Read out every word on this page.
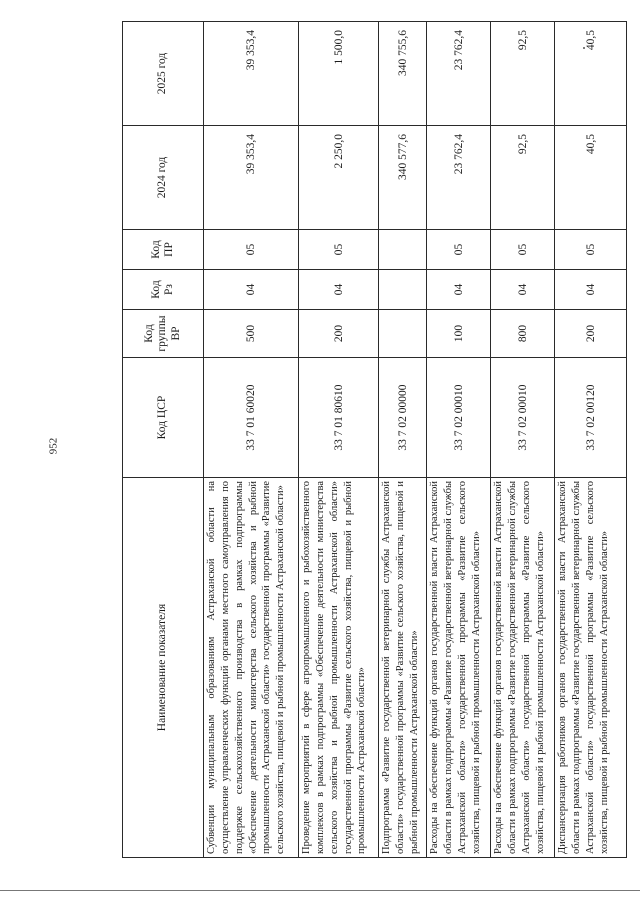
952
Наименование показателя	Код ЦСР	Код группы ВР	Код Рз	Код ПР	2024 год	2025 год
Субвенции муниципальным образованиям Астраханской области на осуществление управленческих функций органами местного самоуправления по поддержке сельскохозяйственного производства в рамках подпрограммы «Обеспечение деятельности министерства сельского хозяйства и рыбной промышленности Астраханской области» государственной программы «Развитие сельского хозяйства, пищевой и рыбной промышленности Астраханской области»	33 7 01 60020	500	04	05	39 353,4	39 353,4
Проведение мероприятий в сфере агропромышленного и рыбохозяйственного комплексов в рамках подпрограммы «Обеспечение деятельности министерства сельского хозяйства и рыбной промышленности Астраханской области» государственной программы «Развитие сельского хозяйства, пищевой и рыбной промышленности Астраханской области»	33 7 01 80610	200	04	05	2 250,0	1 500,0
Подпрограмма «Развитие государственной ветеринарной службы Астраханской области» государственной программы «Развитие сельского хозяйства, пищевой и рыбной промышленности Астраханской области»	33 7 02 00000				340 577,6	340 755,6
Расходы на обеспечение функций органов государственной власти Астраханской области в рамках подпрограммы «Развитие государственной ветеринарной службы Астраханской области» государственной программы «Развитие сельского хозяйства, пищевой и рыбной промышленности Астраханской области»	33 7 02 00010	100	04	05	23 762,4	23 762,4
Расходы на обеспечение функций органов государственной власти Астраханской области в рамках подпрограммы «Развитие государственной ветеринарной службы Астраханской области» государственной программы «Развитие сельского хозяйства, пищевой и рыбной промышленности Астраханской области»	33 7 02 00010	800	04	05	92,5	92,5
Диспансеризация работников органов государственной власти Астраханской области в рамках подпрограммы «Развитие государственной ветеринарной службы Астраханской области» государственной программы «Развитие сельского хозяйства, пищевой и рыбной промышленности Астраханской области»	33 7 02 00120	200	04	05	40,5	40,5
